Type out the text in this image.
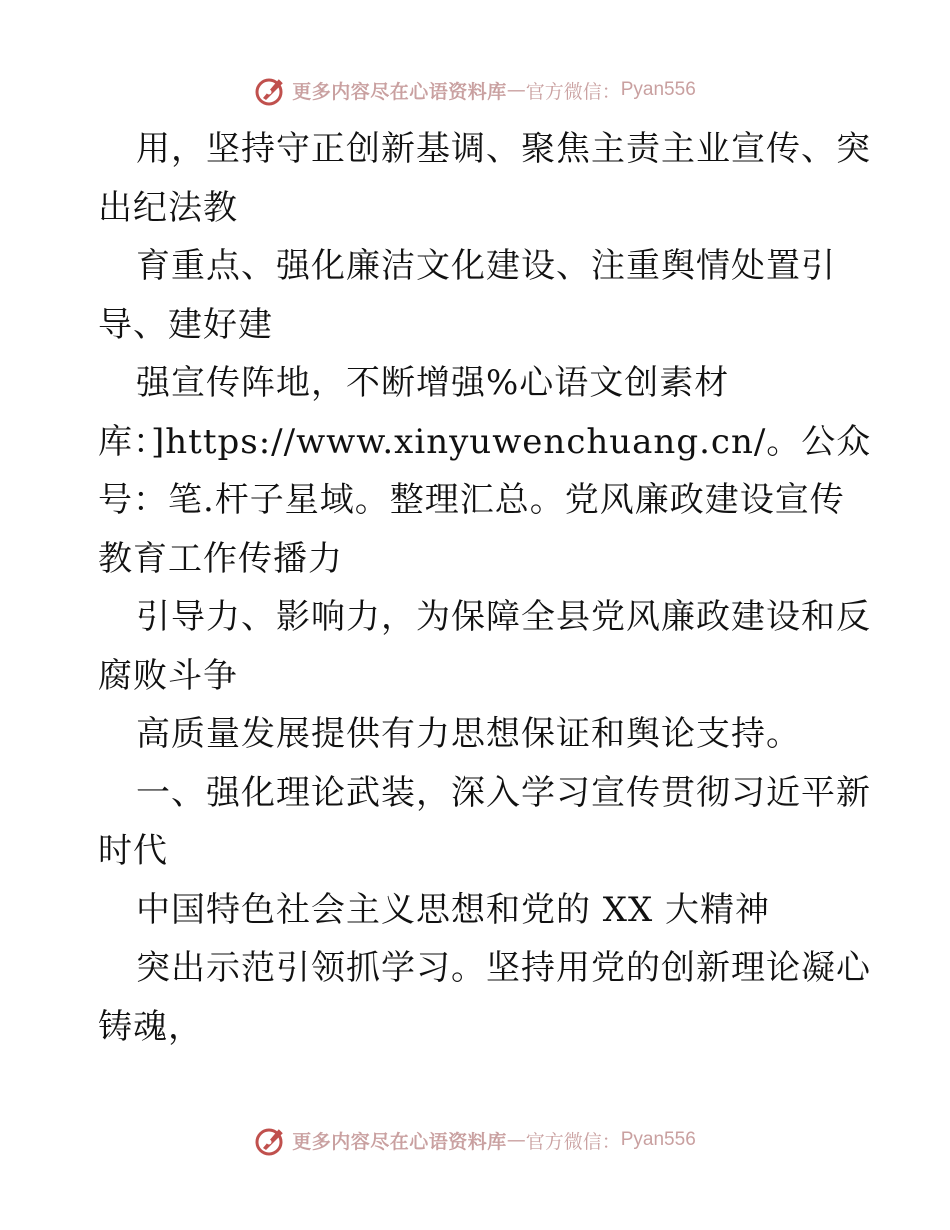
更多内容尽在心语资料库 — 官方微信： Pyan556
用，坚持守正创新基调、聚焦主责主业宣传、突
出纪法教
育重点、强化廉洁文化建设、注重舆情处置引
导、建好建
强宣传阵地，不断增强%心语文创素材
库：]https://www.xinyuwenchuang.cn/。公众
号：笔.杆子星域。整理汇总。党风廉政建设宣传
教育工作传播力
引导力、影响力，为保障全县党风廉政建设和反
腐败斗争
高质量发展提供有力思想保证和舆论支持。
一、强化理论武装，深入学习宣传贯彻习近平新
时代
中国特色社会主义思想和党的 XX 大精神
突出示范引领抓学习。坚持用党的创新理论凝心
铸魂，
更多内容尽在心语资料库 — 官方微信： Pyan556
